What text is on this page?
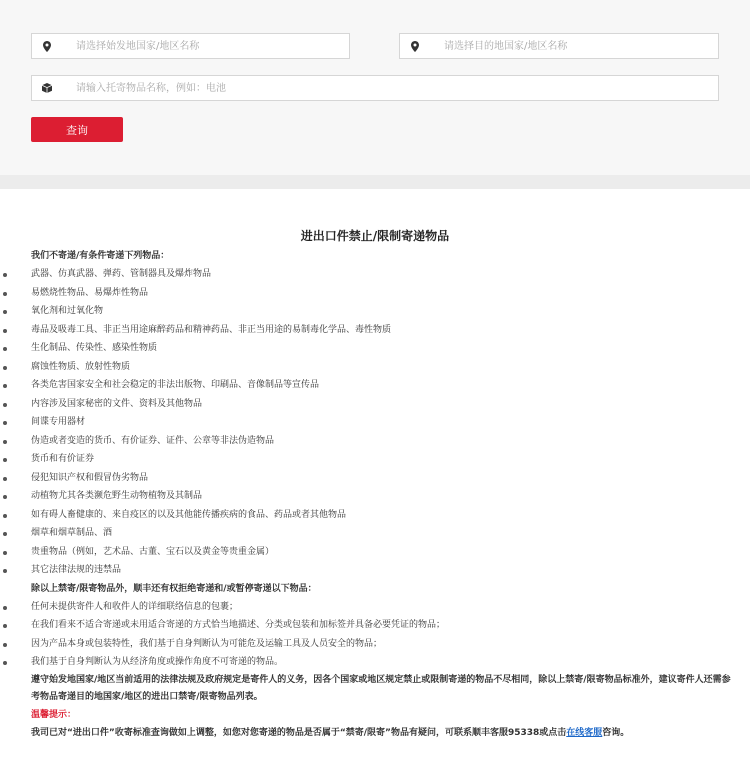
请选择始发地国家/地区名称
请选择目的地国家/地区名称
请输入托寄物品名称，例如：电池
查询
进出口件禁止/限制寄递物品
我们不寄递/有条件寄递下列物品：
武器、仿真武器、弹药、管制器具及爆炸物品
易燃烧性物品、易爆炸性物品
氧化剂和过氧化物
毒品及吸毒工具、非正当用途麻醉药品和精神药品、非正当用途的易制毒化学品、毒性物质
生化制品、传染性、感染性物质
腐蚀性物质、放射性物质
各类危害国家安全和社会稳定的非法出版物、印刷品、音像制品等宣传品
内容涉及国家秘密的文件、资料及其他物品
间谍专用器材
伪造或者变造的货币、有价证券、证件、公章等非法伪造物品
货币和有价证券
侵犯知识产权和假冒伪劣物品
动植物尤其各类濒危野生动物植物及其制品
如有碍人畜健康的、来自疫区的以及其他能传播疾病的食品、药品或者其他物品
烟草和烟草制品、酒
贵重物品（例如，艺术品、古董、宝石以及黄金等贵重金属）
其它法律法规的违禁品
除以上禁寄/限寄物品外，顺丰还有权拒绝寄递和/或暂停寄递以下物品：
任何未提供寄件人和收件人的详细联络信息的包裹；
在我们看来不适合寄递或未用适合寄递的方式恰当地描述、分类或包装和加标签并具备必要凭证的物品；
因为产品本身或包装特性，我们基于自身判断认为可能危及运输工具及人员安全的物品；
我们基于自身判断认为从经济角度或操作角度不可寄递的物品。
遵守始发地国家/地区当前适用的法律法规及政府规定是寄件人的义务，因各个国家或地区规定禁止或限制寄递的物品不尽相同，除以上禁寄/限寄物品标准外，建议寄件人还需参考物品寄递目的地国家/地区的进出口禁寄/限寄物品列表。
温馨提示：
我司已对“进出口件”收寄标准查询做如上调整，如您对您寄递的物品是否属于“禁寄/限寄”物品有疑问，可联系顺丰客服95338或点击在线客服咨询。
